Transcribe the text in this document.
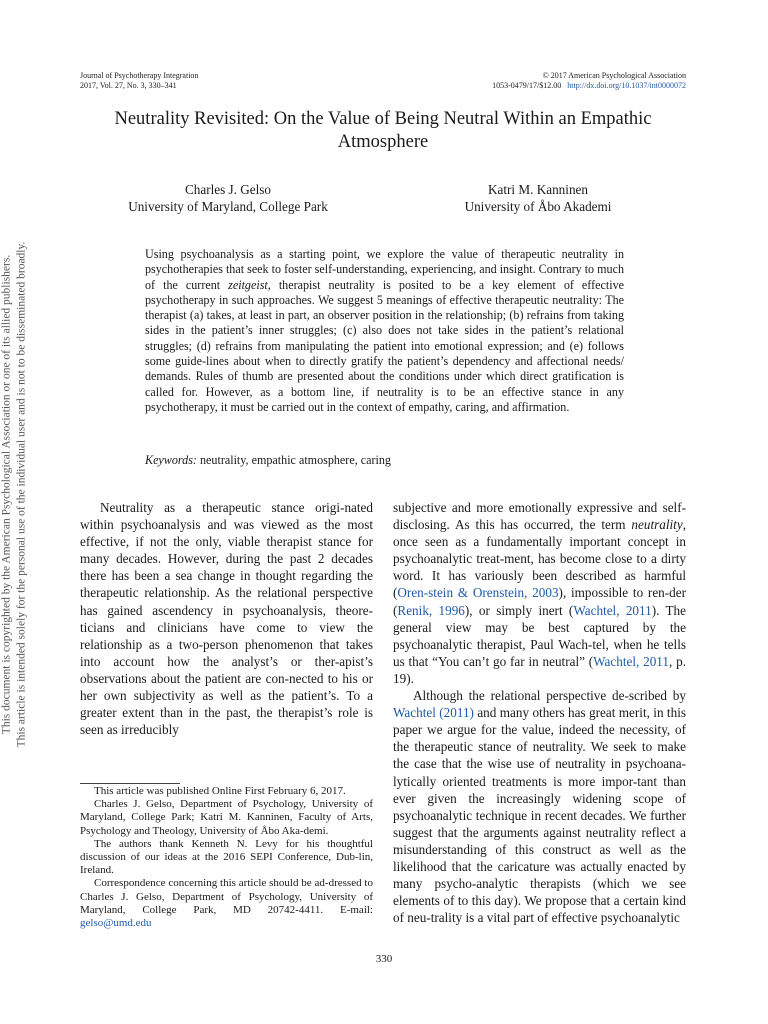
Journal of Psychotherapy Integration
2017, Vol. 27, No. 3, 330–341
© 2017 American Psychological Association
1053-0479/17/$12.00 http://dx.doi.org/10.1037/int0000072
Neutrality Revisited: On the Value of Being Neutral Within an Empathic Atmosphere
Charles J. Gelso
University of Maryland, College Park
Katri M. Kanninen
University of Åbo Akademi
Using psychoanalysis as a starting point, we explore the value of therapeutic neutrality in psychotherapies that seek to foster self-understanding, experiencing, and insight. Contrary to much of the current zeitgeist, therapist neutrality is posited to be a key element of effective psychotherapy in such approaches. We suggest 5 meanings of effective therapeutic neutrality: The therapist (a) takes, at least in part, an observer position in the relationship; (b) refrains from taking sides in the patient’s inner struggles; (c) also does not take sides in the patient’s relational struggles; (d) refrains from manipulating the patient into emotional expression; and (e) follows some guide-lines about when to directly gratify the patient’s dependency and affectional needs/ demands. Rules of thumb are presented about the conditions under which direct gratification is called for. However, as a bottom line, if neutrality is to be an effective stance in any psychotherapy, it must be carried out in the context of empathy, caring, and affirmation.
Keywords: neutrality, empathic atmosphere, caring

Neutrality as a therapeutic stance origi-nated within psychoanalysis and was viewed as the most effective, if not the only, viable therapist stance for many decades. However, during the past 2 decades there has been a sea change in thought regarding the therapeutic relationship. As the relational perspective has gained ascendency in psychoanalysis, theore-ticians and clinicians have come to view the relationship as a two-person phenomenon that takes into account how the analyst’s or ther-apist’s observations about the patient are con-nected to his or her own subjectivity as well as the patient’s. To a greater extent than in the past, the therapist’s role is seen as irreducibly

subjective and more emotionally expressive and self-disclosing. As this has occurred, the term neutrality, once seen as a fundamentally important concept in psychoanalytic treat-ment, has become close to a dirty word. It has variously been described as harmful (Oren-stein & Orenstein, 2003), impossible to ren-der (Renik, 1996), or simply inert (Wachtel, 2011). The general view may be best captured by the psychoanalytic therapist, Paul Wach-tel, when he tells us that “You can’t go far in neutral” (Wachtel, 2011, p. 19).

Although the relational perspective de-scribed by Wachtel (2011) and many others has great merit, in this paper we argue for the value, indeed the necessity, of the therapeutic stance of neutrality. We seek to make the case that the wise use of neutrality in psychoana-lytically oriented treatments is more impor-tant than ever given the increasingly widening scope of psychoanalytic technique in recent decades. We further suggest that the arguments against neutrality reflect a misunderstanding of this construct as well as the likelihood that the caricature was actually enacted by many psycho-analytic therapists (which we see elements of to this day). We propose that a certain kind of neu-trality is a vital part of effective psychoanalytic

This article was published Online First February 6, 2017.

Charles J. Gelso, Department of Psychology, University of Maryland, College Park; Katri M. Kanninen, Faculty of Arts, Psychology and Theology, University of Åbo Aka-demi.

The authors thank Kenneth N. Levy for his thoughtful discussion of our ideas at the 2016 SEPI Conference, Dub-lin, Ireland.

Correspondence concerning this article should be ad-dressed to Charles J. Gelso, Department of Psychology, University of Maryland, College Park, MD 20742-4411. E-mail: gelso@umd.edu

330
This document is copyrighted by the American Psychological Association or one of its allied publishers. This article is intended solely for the personal use of the individual user and is not to be disseminated broadly.
